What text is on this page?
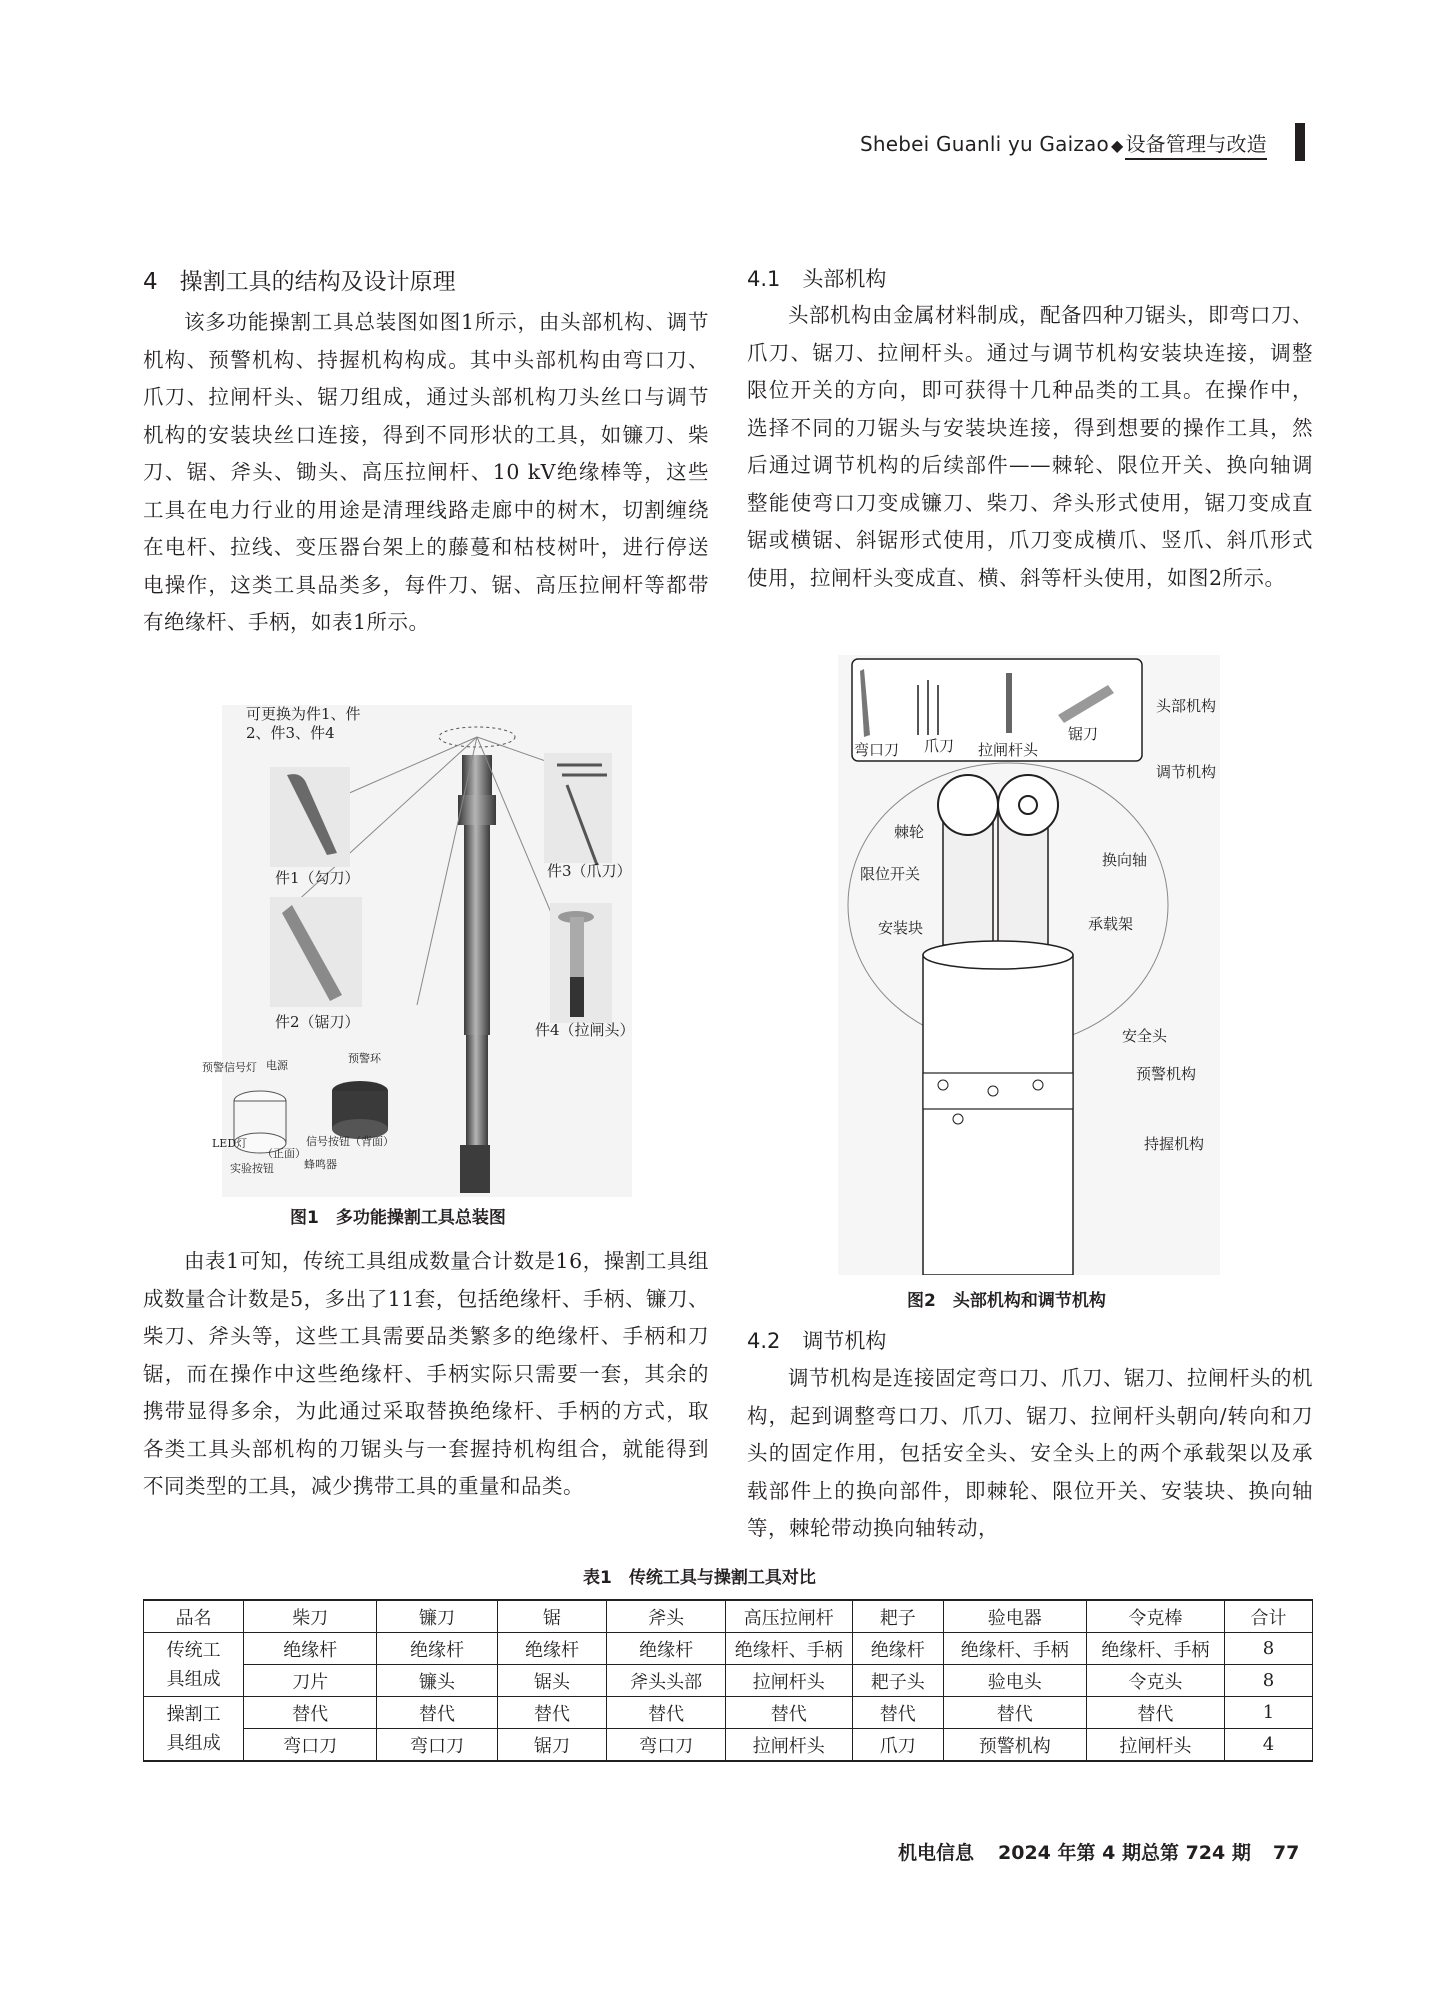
Shebei Guanli yu Gaizao ◆ 设备管理与改造
4 操割工具的结构及设计原理
该多功能操割工具总装图如图1所示，由头部机构、调节机构、预警机构、持握机构构成。其中头部机构由弯口刀、爪刀、拉闸杆头、锯刀组成，通过头部机构刀头丝口与调节机构的安装块丝口连接，得到不同形状的工具，如镰刀、柴刀、锯、斧头、锄头、高压拉闸杆、10 kV绝缘棒等，这些工具在电力行业的用途是清理线路走廊中的树木，切割缠绕在电杆、拉线、变压器台架上的藤蔓和枯枝树叶，进行停送电操作，这类工具品类多，每件刀、锯、高压拉闸杆等都带有绝缘杆、手柄，如表1所示。
可更换为件1、件2、件3、件4
件1（勾刀）
件2（锯刀）
件3（爪刀）
件4（拉闸头）
预警信号灯 电源
预警环
LED灯
（正面）
实验按钮
信号按钮（背面）
蜂鸣器
图1　多功能操割工具总装图
由表1可知，传统工具组成数量合计数是16，操割工具组成数量合计数是5，多出了11套，包括绝缘杆、手柄、镰刀、柴刀、斧头等，这些工具需要品类繁多的绝缘杆、手柄和刀锯，而在操作中这些绝缘杆、手柄实际只需要一套，其余的携带显得多余，为此通过采取替换绝缘杆、手柄的方式，取各类工具头部机构的刀锯头与一套握持机构组合，就能得到不同类型的工具，减少携带工具的重量和品类。
4.1 头部机构
头部机构由金属材料制成，配备四种刀锯头，即弯口刀、爪刀、锯刀、拉闸杆头。通过与调节机构安装块连接，调整限位开关的方向，即可获得十几种品类的工具。在操作中，选择不同的刀锯头与安装块连接，得到想要的操作工具，然后通过调节机构的后续部件——棘轮、限位开关、换向轴调整能使弯口刀变成镰刀、柴刀、斧头形式使用，锯刀变成直锯或横锯、斜锯形式使用，爪刀变成横爪、竖爪、斜爪形式使用，拉闸杆头变成直、横、斜等杆头使用，如图2所示。
弯口刀 爪刀 拉闸杆头
锯刀
头部机构
调节机构
棘轮
限位开关
安装块
换向轴
承载架
安全头
预警机构
持握机构
图2　头部机构和调节机构
4.2 调节机构
调节机构是连接固定弯口刀、爪刀、锯刀、拉闸杆头的机构，起到调整弯口刀、爪刀、锯刀、拉闸杆头朝向/转向和刀头的固定作用，包括安全头、安全头上的两个承载架以及承载部件上的换向部件，即棘轮、限位开关、安装块、换向轴等，棘轮带动换向轴转动，
表1　传统工具与操割工具对比
品名	柴刀	镰刀	锯	斧头	高压拉闸杆	耙子	验电器	令克棒	合计
传统工具组成	绝缘杆	绝缘杆	绝缘杆	绝缘杆	绝缘杆、手柄	绝缘杆	绝缘杆、手柄	绝缘杆、手柄	8
	刀片	镰头	锯头	斧头头部	拉闸杆头	耙子头	验电头	令克头	8
操割工具组成	替代	替代	替代	替代	替代	替代	替代	替代	1
	弯口刀	弯口刀	锯刀	弯口刀	拉闸杆头	爪刀	预警机构	拉闸杆头	4
机电信息 2024 年第 4 期总第 724 期 77
